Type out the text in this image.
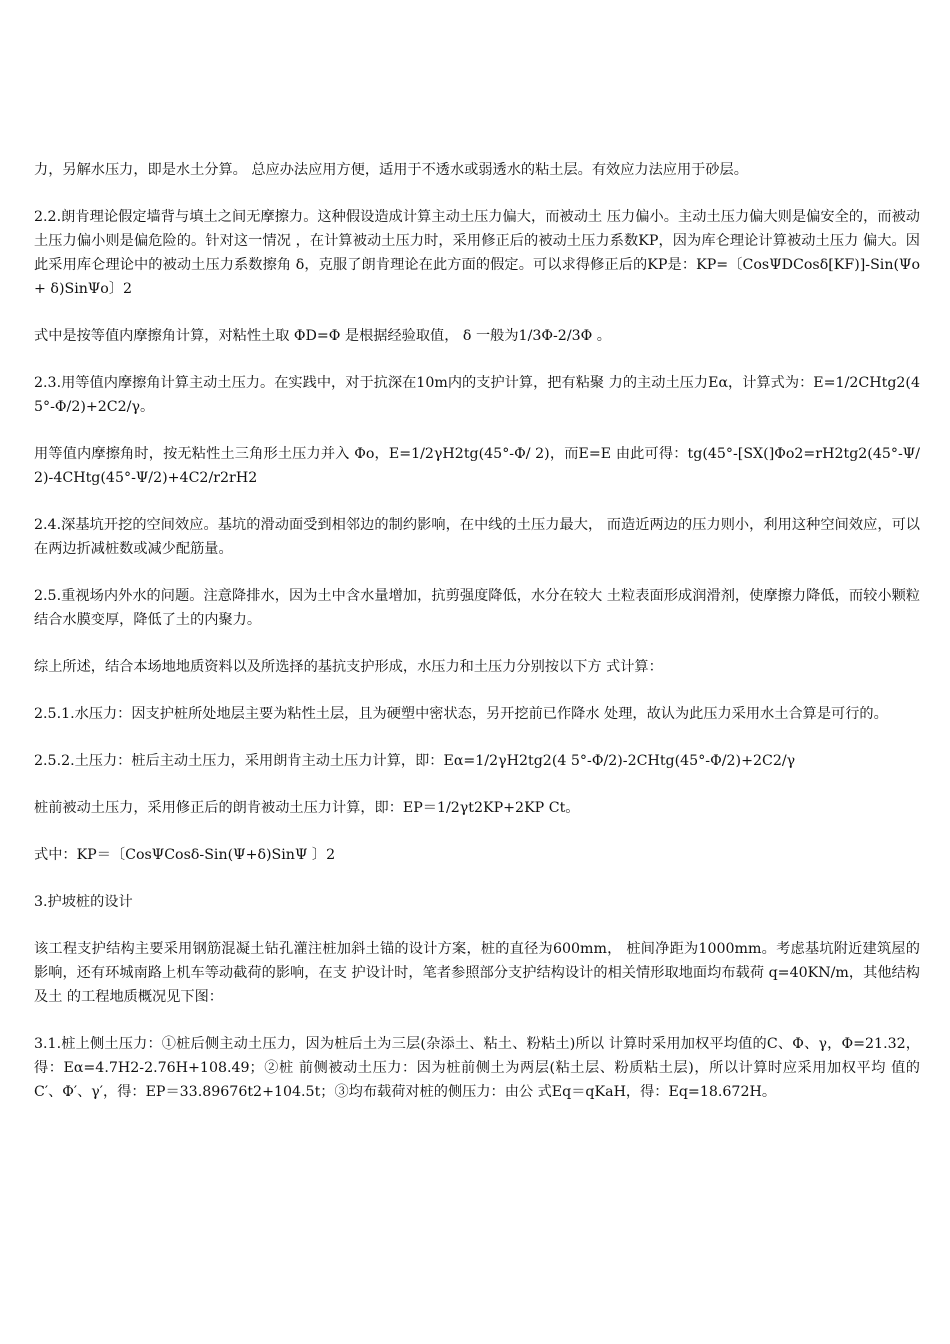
力，另解水压力，即是水土分算。 总应办法应用方便，适用于不透水或弱透水的粘土层。有效应力法应用于砂层。

2.2.朗肯理论假定墙背与填土之间无摩擦力。这种假设造成计算主动土压力偏大，而被动土 压力偏小。主动土压力偏大则是偏安全的，而被动土压力偏小则是偏危险的。针对这一情况 ，在计算被动土压力时，采用修正后的被动土压力系数KP，因为库仑理论计算被动土压力 偏大。因此采用库仑理论中的被动土压力系数擦角 δ，克服了朗肯理论在此方面的假定。可以求得修正后的KP是：KP=〔CosΨDCosδ[KF)]-Sin(Ψo+ δ)SinΨo〕2

式中是按等值内摩擦角计算，对粘性土取 ΦD=Φ 是根据经验取值， δ 一般为1/3Φ-2/3Φ 。

2.3.用等值内摩擦角计算主动土压力。在实践中，对于抗深在10m内的支护计算，把有粘聚 力的主动土压力Eα，计算式为：E=1/2CHtg2(45°-Φ/2)+2C2/γ。

用等值内摩擦角时，按无粘性土三角形土压力并入 Φo，E=1/2γH2tg(45°-Φ/ 2)，而E=E 由此可得：tg(45°-[SX(]Φo2=rH2tg2(45°-Ψ/2)-4CHtg(45°-Ψ/2)+4C2/r2rH2

2.4.深基坑开挖的空间效应。基坑的滑动面受到相邻边的制约影响，在中线的土压力最大， 而造近两边的压力则小，利用这种空间效应，可以在两边折减桩数或减少配筋量。

2.5.重视场内外水的问题。注意降排水，因为土中含水量增加，抗剪强度降低，水分在较大 土粒表面形成润滑剂，使摩擦力降低，而较小颗粒结合水膜变厚，降低了土的内聚力。

综上所述，结合本场地地质资料以及所选择的基抗支护形成，水压力和土压力分别按以下方 式计算：

2.5.1.水压力：因支护桩所处地层主要为粘性土层，且为硬塑中密状态，另开挖前已作降水 处理，故认为此压力采用水土合算是可行的。

2.5.2.土压力：桩后主动土压力，采用朗肯主动土压力计算，即：Eα=1/2γH2tg2(4 5°-Φ/2)-2CHtg(45°-Φ/2)+2C2/γ

桩前被动土压力，采用修正后的朗肯被动土压力计算，即：EP＝1/2γt2KP+2KP Ct。

式中：KP＝〔CosΨCosδ-Sin(Ψ+δ)SinΨ 〕2

3.护坡桩的设计

该工程支护结构主要采用钢筋混凝土钻孔灌注桩加斜土锚的设计方案，桩的直径为600mm， 桩间净距为1000mm。考虑基坑附近建筑屋的影响，还有环城南路上机车等动截荷的影响，在支 护设计时，笔者参照部分支护结构设计的相关情形取地面均布载荷 q=40KN/m，其他结构及土 的工程地质概况见下图：

3.1.桩上侧土压力：①桩后侧主动土压力，因为桩后土为三层(杂添土、粘土、粉粘土)所以 计算时采用加权平均值的C、Φ、γ，Φ=21.32，得：Eα=4.7H2-2.76H+108.49；②桩 前侧被动土压力：因为桩前侧土为两层(粘土层、粉质粘土层)，所以计算时应采用加权平均 值的C′、Φ′、γ′，得：EP＝33.89676t2+104.5t；③均布载荷对桩的侧压力：由公 式Eq＝qKaH，得：Eq=18.672H。
